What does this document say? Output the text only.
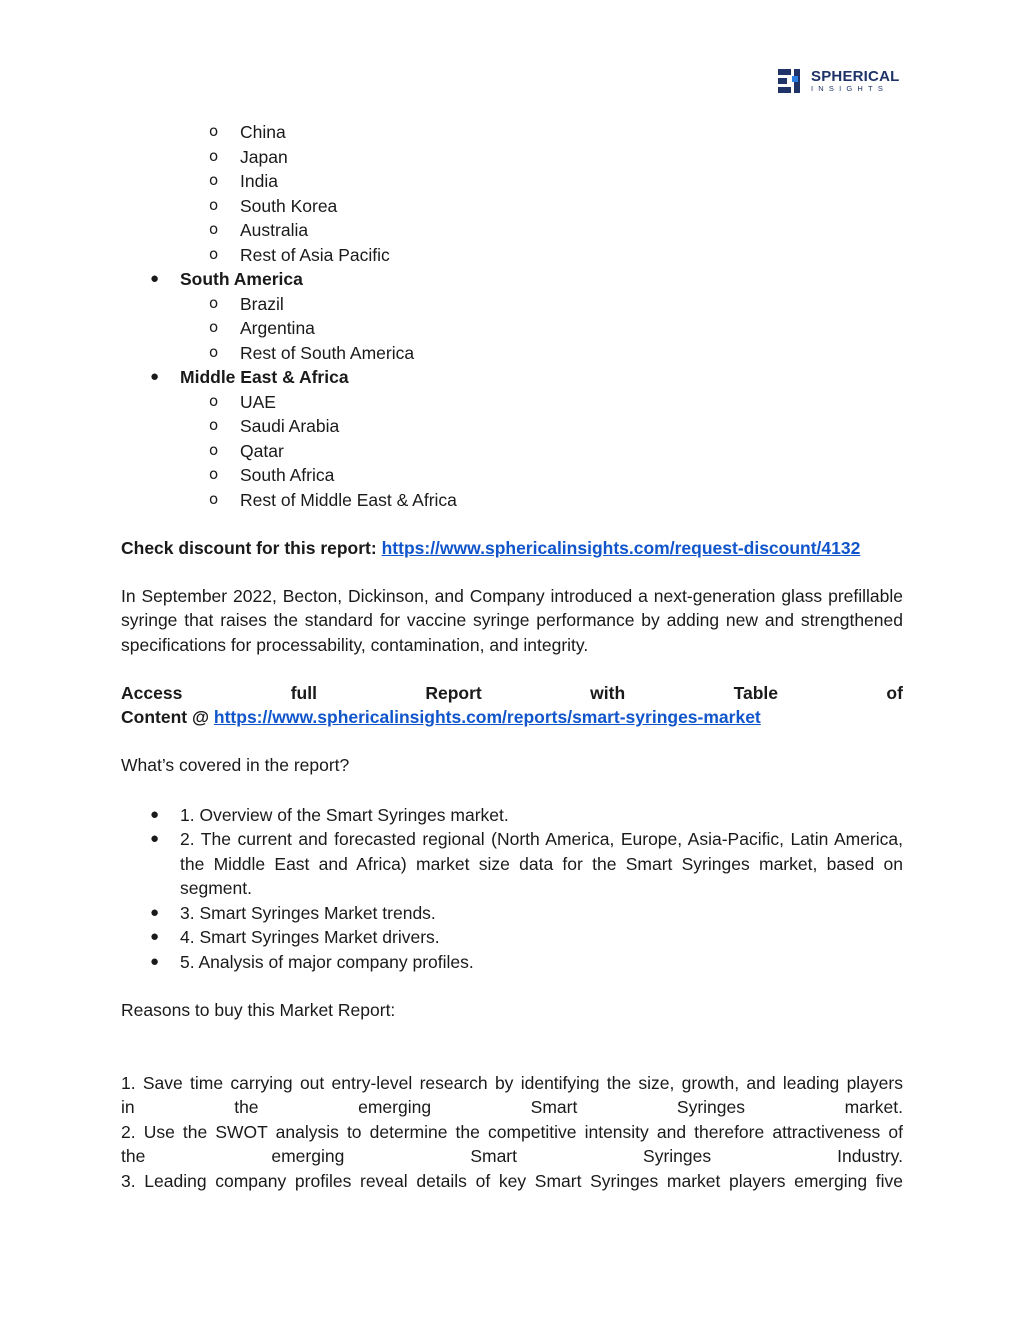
SPHERICAL
INSIGHTS
o China
o Japan
o India
o South Korea
o Australia
o Rest of Asia Pacific
● South America
o Brazil
o Argentina
o Rest of South America
● Middle East & Africa
o UAE
o Saudi Arabia
o Qatar
o South Africa
o Rest of Middle East & Africa

Check discount for this report: https://www.sphericalinsights.com/request-discount/4132

In September 2022, Becton, Dickinson, and Company introduced a next-generation glass prefillable syringe that raises the standard for vaccine syringe performance by adding new and strengthened specifications for processability, contamination, and integrity.

Access	full	Report	with	Table	of

Content @ https://www.sphericalinsights.com/reports/smart-syringes-market

What’s covered in the report?

● 1. Overview of the Smart Syringes market.
● 2. The current and forecasted regional (North America, Europe, Asia-Pacific, Latin America, the Middle East and Africa) market size data for the Smart Syringes market, based on segment.
● 3. Smart Syringes Market trends.
● 4. Smart Syringes Market drivers.
● 5. Analysis of major company profiles.

Reasons to buy this Market Report:

1. Save time carrying out entry-level research by identifying the size, growth, and leading players

in	the	emerging	Smart	Syringes	market.

2. Use the SWOT analysis to determine the competitive intensity and therefore attractiveness of

the	emerging	Smart	Syringes	Industry.

3. Leading company profiles reveal details of key Smart Syringes market players emerging five
